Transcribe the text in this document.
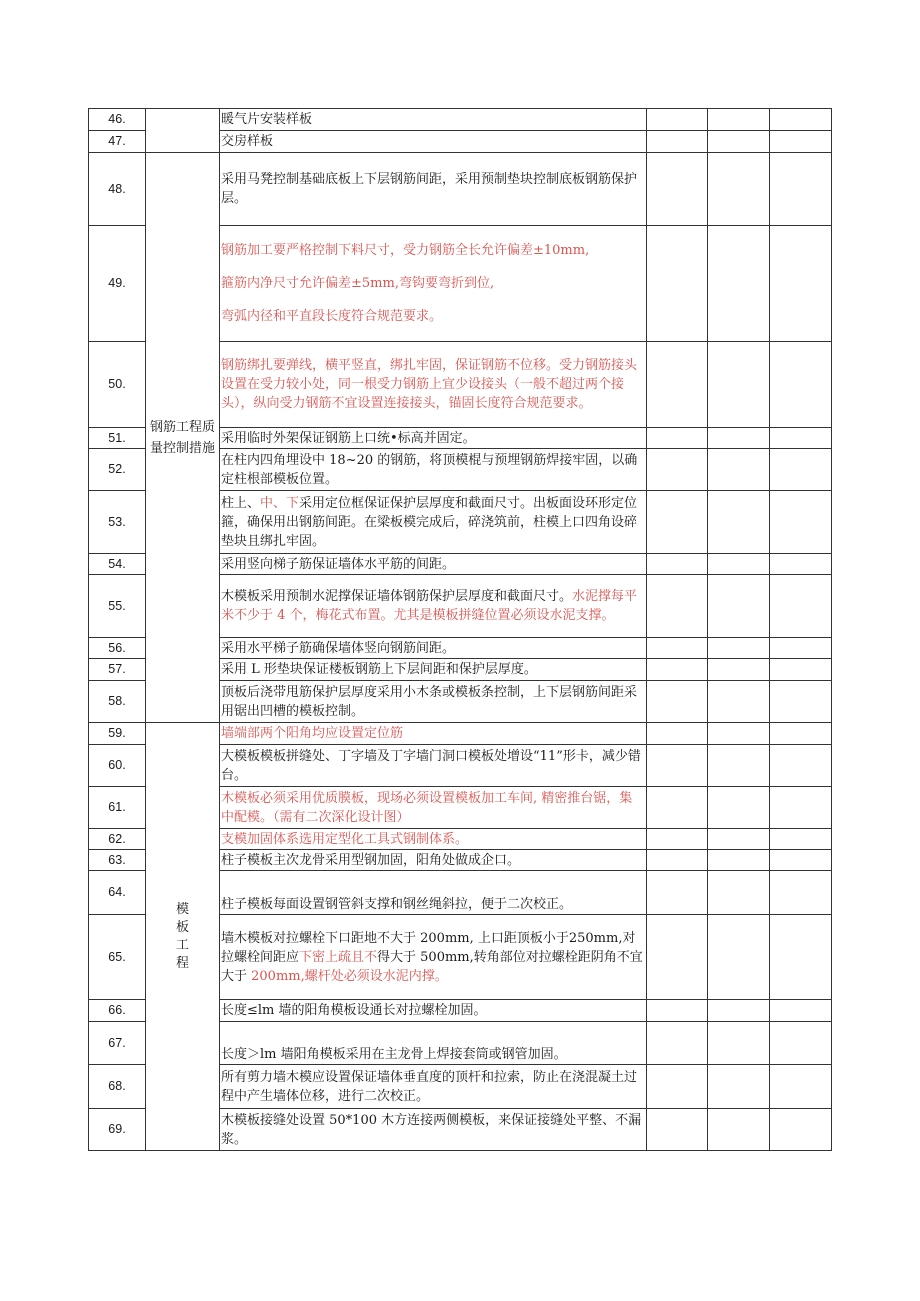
46.		暖气片安装样板			
47.		交房样板			
48.	钢筋工程质量控制措施	采用马凳控制基础底板上下层钢筋间距，采用预制垫块控制底板钢筋保护层。			
49.		钢筋加工要严格控制下料尺寸，受力钢筋全长允许偏差±10mm,
箍筋内净尺寸允许偏差±5mm,弯钩要弯折到位,
弯弧内径和平直段长度符合规范要求。			

50.		钢筋绑扎要弹线，横平竖直，绑扎牢固，保证钢筋不位移。受力钢筋接头设置在受力较小处，同一根受力钢筋上宜少设接头（一般不超过两个接头），纵向受力钢筋不宜设置连接接头，锚固长度符合规范要求。			
51.		采用临时外架保证钢筋上口统•标高并固定。			
52.		在柱内四角埋设中 18~20 的钢筋，将顶模棍与预埋钢筋焊接牢固，以确定柱根部模板位置。			
53.		柱上、中、下采用定位框保证保护层厚度和截面尺寸。出板面设环形定位箍，确保用出钢筋间距。在梁板模完成后，碎浇筑前，柱模上口四角设碎垫块且绑扎牢固。			
54.		采用竖向梯子筋保证墙体水平筋的间距。			
55.		木模板采用预制水泥撑保证墙体钢筋保护层厚度和截面尺寸。水泥撑每平米不少于 4 个，梅花式布置。尤其是模板拼缝位置必须设水泥支撑。			
56.		采用水平梯子筋确保墙体竖向钢筋间距。			
57.		采用 L 形垫块保证楼板钢筋上下层间距和保护层厚度。			
58.		顶板后浇带甩筋保护层厚度采用小木条或模板条控制，上下层钢筋间距采用锯出凹槽的模板控制。			
59.	模板工程	墙端部两个阳角均应设置定位筋			
60.		大模板模板拼缝处、丁字墙及丁字墙门洞口模板处增设“11”形卡，减少错台。			
61.		木模板必须采用优质膜板，现场必须设置模板加工车间, 精密推台锯，集中配模。（需有二次深化设计图）			
62.		支模加固体系选用定型化工具式钢制体系。			
63.		柱子模板主次龙骨采用型钢加固，阳角处做成企口。			
64.		柱子模板每面设置钢管斜支撑和钢丝绳斜拉，便于二次校正。			
65.		墙木模板对拉螺栓下口距地不大于 200mm, 上口距顶板小于250mm,对拉螺栓间距应下密上疏且不得大于 500mm,转角部位对拉螺栓距阴角不宜大于 200mm,螺杆处必须设水泥内撑。			
66.		长度≤lm 墙的阳角模板设通长对拉螺栓加固。			
67.		长度＞lm 墙阳角模板采用在主龙骨上焊接套筒或钢管加固。			
68.		所有剪力墙木模应设置保证墙体垂直度的顶杆和拉索，防止在浇混凝土过程中产生墙体位移，进行二次校正。			
69.		木模板接缝处设置 50*100 木方连接两侧模板，来保证接缝处平整、不漏浆。			
